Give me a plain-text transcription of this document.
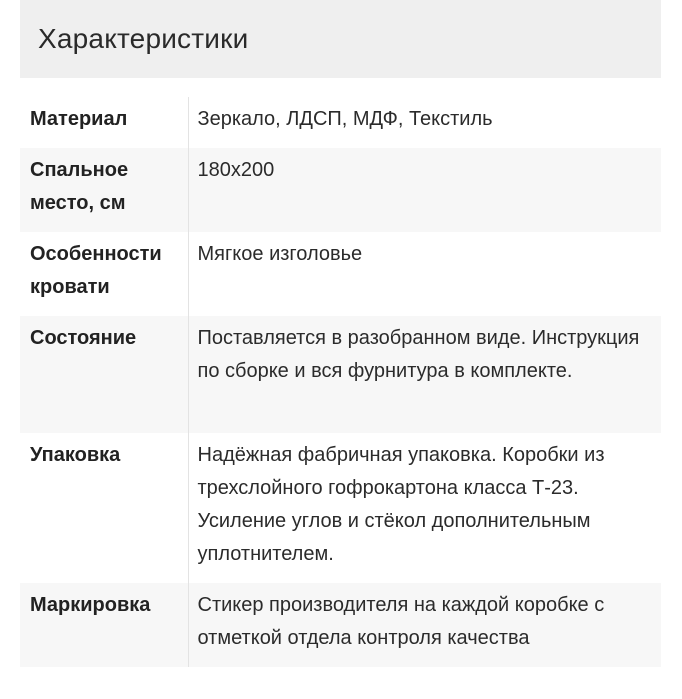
Характеристики
Материал	Зеркало, ЛДСП, МДФ, Текстиль
Спальное место, см	180x200
Особенности кровати	Мягкое изголовье
Состояние	Поставляется в разобранном виде. Инструкция по сборке и вся фурнитура в комплекте.
Упаковка	Надёжная фабричная упаковка. Коробки из трехслойного гофрокартона класса Т-23. Усиление углов и стёкол дополнительным уплотнителем.
Маркировка	Стикер производителя на каждой коробке с отметкой отдела контроля качества
